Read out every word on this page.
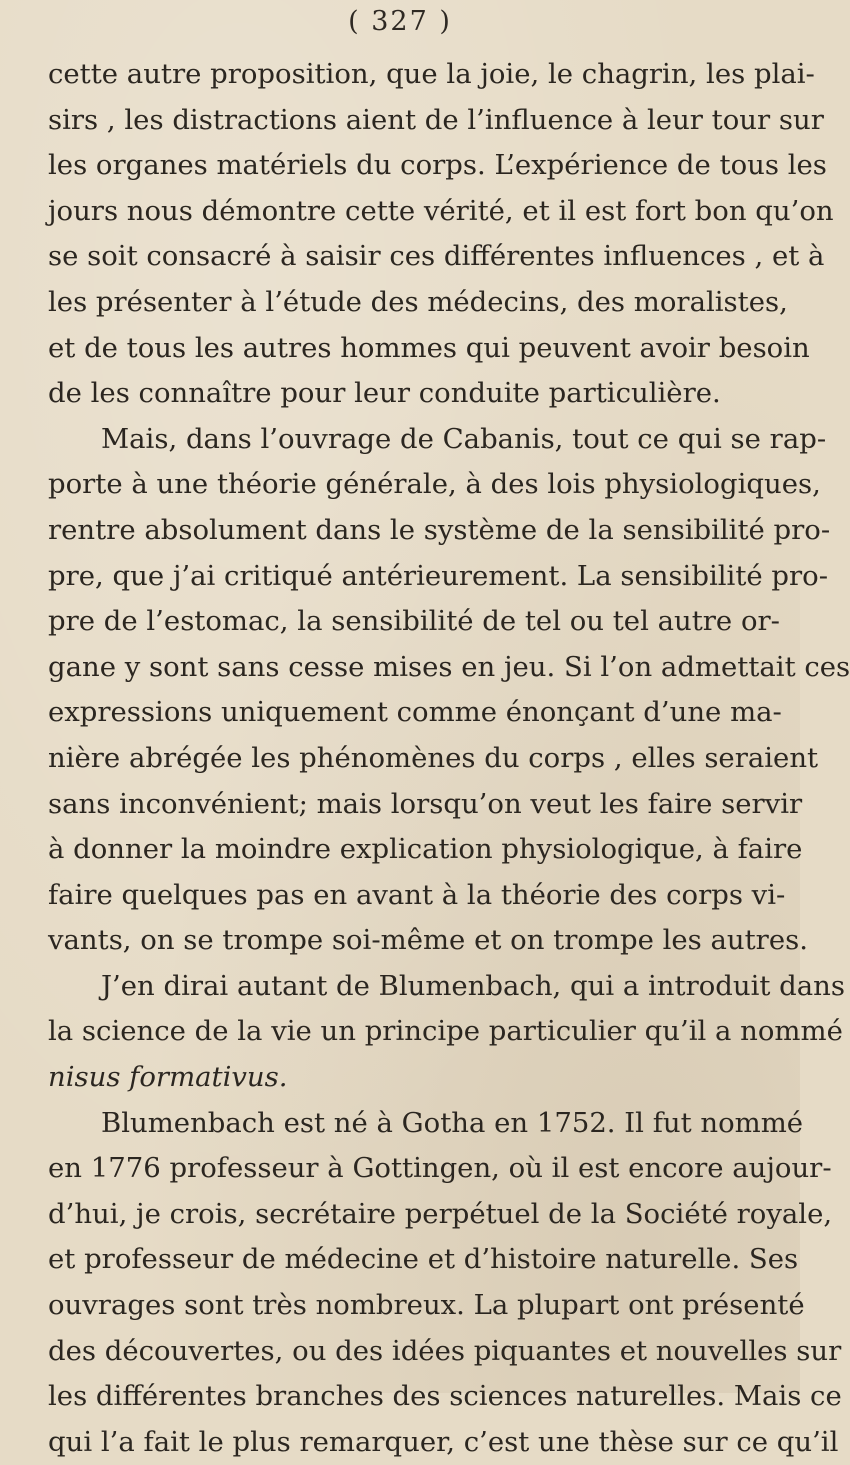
( 327 )
cette autre proposition, que la joie, le chagrin, les plai-
sirs , les distractions aient de l’influence à leur tour sur
les organes matériels du corps. L’expérience de tous les
jours nous démontre cette vérité, et il est fort bon qu’on
se soit consacré à saisir ces différentes influences , et à
les présenter à l’étude des médecins, des moralistes,
et de tous les autres hommes qui peuvent avoir besoin
de les connaître pour leur conduite particulière.
Mais, dans l’ouvrage de Cabanis, tout ce qui se rap-
porte à une théorie générale, à des lois physiologiques,
rentre absolument dans le système de la sensibilité pro-
pre, que j’ai critiqué antérieurement. La sensibilité pro-
pre de l’estomac, la sensibilité de tel ou tel autre or-
gane y sont sans cesse mises en jeu. Si l’on admettait ces
expressions uniquement comme énonçant d’une ma-
nière abrégée les phénomènes du corps , elles seraient
sans inconvénient; mais lorsqu’on veut les faire servir
à donner la moindre explication physiologique, à faire
faire quelques pas en avant à la théorie des corps vi-
vants, on se trompe soi-même et on trompe les autres.
J’en dirai autant de Blumenbach, qui a introduit dans
la science de la vie un principe particulier qu’il a nommé
nisus formativus.
Blumenbach est né à Gotha en 1752. Il fut nommé
en 1776 professeur à Gottingen, où il est encore aujour-
d’hui, je crois, secrétaire perpétuel de la Société royale,
et professeur de médecine et d’histoire naturelle. Ses
ouvrages sont très nombreux. La plupart ont présenté
des découvertes, ou des idées piquantes et nouvelles sur
les différentes branches des sciences naturelles. Mais ce
qui l’a fait le plus remarquer, c’est une thèse sur ce qu’il
